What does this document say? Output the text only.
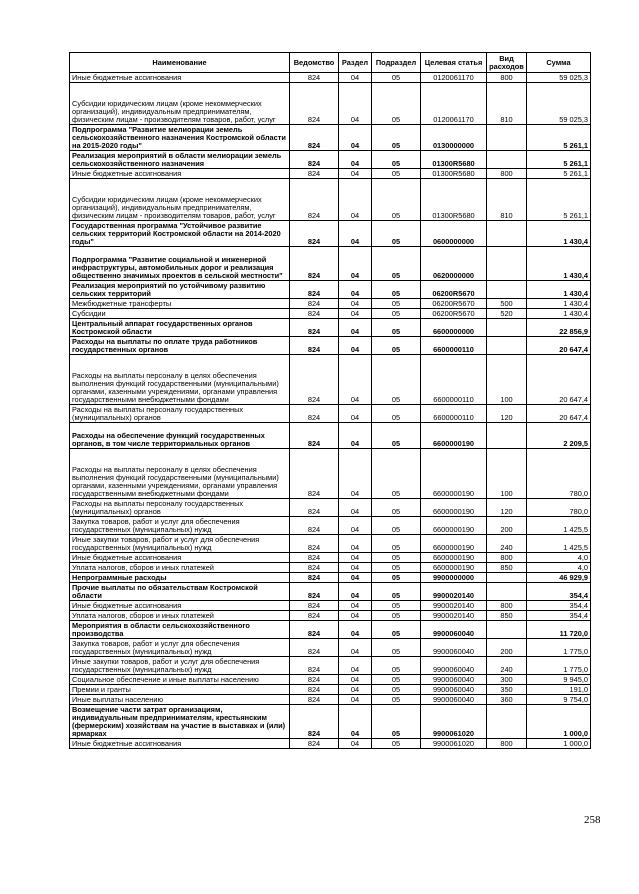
Наименование	Ведомство	Раздел	Подраздел	Целевая статья	Вид расходов	Сумма
Иные бюджетные ассигнования	824	04	05	0120061170	800	59 025,3
Субсидии юридическим лицам (кроме некоммерческих организаций), индивидуальным предпринимателям, физическим лицам - производителям товаров, работ, услуг	824	04	05	0120061170	810	59 025,3
Подпрограмма "Развитие мелиорации земель сельскохозяйственного назначения Костромской области на 2015-2020 годы"	824	04	05	0130000000		5 261,1
Реализация мероприятий в области мелиорации земель сельскохозяйственного назначения	824	04	05	01300R5680		5 261,1
Иные бюджетные ассигнования	824	04	05	01300R5680	800	5 261,1
Субсидии юридическим лицам (кроме некоммерческих организаций), индивидуальным предпринимателям, физическим лицам - производителям товаров, работ, услуг	824	04	05	01300R5680	810	5 261,1
Государственная программа "Устойчивое развитие сельских территорий Костромской области на 2014-2020 годы"	824	04	05	0600000000		1 430,4
Подпрограмма "Развитие социальной и инженерной инфраструктуры, автомобильных дорог и реализация общественно значимых проектов в сельской местности"	824	04	05	0620000000		1 430,4
Реализация мероприятий по устойчивому развитию сельских территорий	824	04	05	06200R5670		1 430,4
Межбюджетные трансферты	824	04	05	06200R5670	500	1 430,4
Субсидии	824	04	05	06200R5670	520	1 430,4
Центральный аппарат государственных органов Костромской области	824	04	05	6600000000		22 856,9
Расходы на выплаты по оплате труда работников государственных органов	824	04	05	6600000110		20 647,4
Расходы на выплаты персоналу в целях обеспечения выполнения функций государственными (муниципальными) органами, казенными учреждениями, органами управления государственными внебюджетными фондами	824	04	05	6600000110	100	20 647,4
Расходы на выплаты персоналу государственных (муниципальных) органов	824	04	05	6600000110	120	20 647,4
Расходы на обеспечение функций государственных органов, в том числе территориальных органов	824	04	05	6600000190		2 209,5
Расходы на выплаты персоналу в целях обеспечения выполнения функций государственными (муниципальными) органами, казенными учреждениями, органами управления государственными внебюджетными фондами	824	04	05	6600000190	100	780,0
Расходы на выплаты персоналу государственных (муниципальных) органов	824	04	05	6600000190	120	780,0
Закупка товаров, работ и услуг для обеспечения государственных (муниципальных) нужд	824	04	05	6600000190	200	1 425,5
Иные закупки товаров, работ и услуг для обеспечения государственных (муниципальных) нужд	824	04	05	6600000190	240	1 425,5
Иные бюджетные ассигнования	824	04	05	6600000190	800	4,0
Уплата налогов, сборов и иных платежей	824	04	05	6600000190	850	4,0
Непрограммные расходы	824	04	05	9900000000		46 929,9
Прочие выплаты по обязательствам Костромской области	824	04	05	9900020140		354,4
Иные бюджетные ассигнования	824	04	05	9900020140	800	354,4
Уплата налогов, сборов и иных платежей	824	04	05	9900020140	850	354,4
Мероприятия в области сельскохозяйственного производства	824	04	05	9900060040		11 720,0
Закупка товаров, работ и услуг для обеспечения государственных (муниципальных) нужд	824	04	05	9900060040	200	1 775,0
Иные закупки товаров, работ и услуг для обеспечения государственных (муниципальных) нужд	824	04	05	9900060040	240	1 775,0
Социальное обеспечение и иные выплаты населению	824	04	05	9900060040	300	9 945,0
Премии и гранты	824	04	05	9900060040	350	191,0
Иные выплаты населению	824	04	05	9900060040	360	9 754,0
Возмещение части затрат организациям, индивидуальным предпринимателям, крестьянским (фермерским) хозяйствам на участие в выставках и (или) ярмарках	824	04	05	9900061020		1 000,0
Иные бюджетные ассигнования	824	04	05	9900061020	800	1 000,0
258
